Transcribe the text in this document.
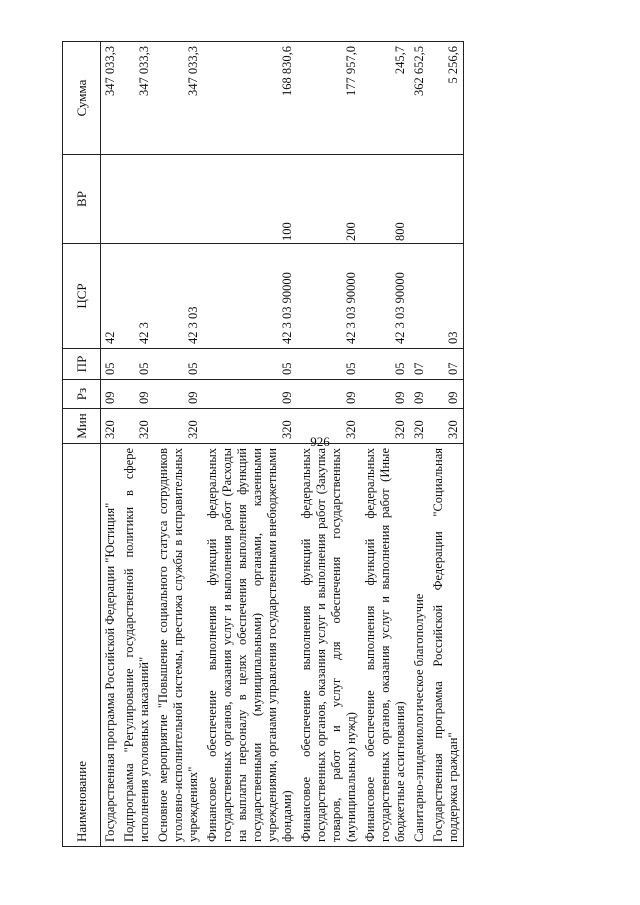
926
Наименование	Мин	Рз	ПР	ЦСР	ВР	Сумма
Государственная программа Российской Федерации "Юстиция"	320	09	05	42		347 033,3
Подпрограмма "Регулирование государственной политики в сфере исполнения уголовных наказаний"	320	09	05	42 3		347 033,3
Основное мероприятие "Повышение социального статуса сотрудников уголовно-исполнительной системы, престижа службы в исправительных учреждениях"	320	09	05	42 3 03		347 033,3
Финансовое обеспечение выполнения функций федеральных государственных органов, оказания услуг и выполнения работ (Расходы на выплаты персоналу в целях обеспечения выполнения функций государственными (муниципальными) органами, казенными учреждениями, органами управления государственными внебюджетными фондами)	320	09	05	42 3 03 90000	100	168 830,6
Финансовое обеспечение выполнения функций федеральных государственных органов, оказания услуг и выполнения работ (Закупка товаров, работ и услуг для обеспечения государственных (муниципальных) нужд)	320	09	05	42 3 03 90000	200	177 957,0
Финансовое обеспечение выполнения функций федеральных государственных органов, оказания услуг и выполнения работ (Иные бюджетные ассигнования)	320	09	05	42 3 03 90000	800	245,7
Санитарно-эпидемиологическое благополучие	320	09	07			362 652,5
Государственная программа Российской Федерации "Социальная поддержка граждан"	320	09	07	03		5 256,6
